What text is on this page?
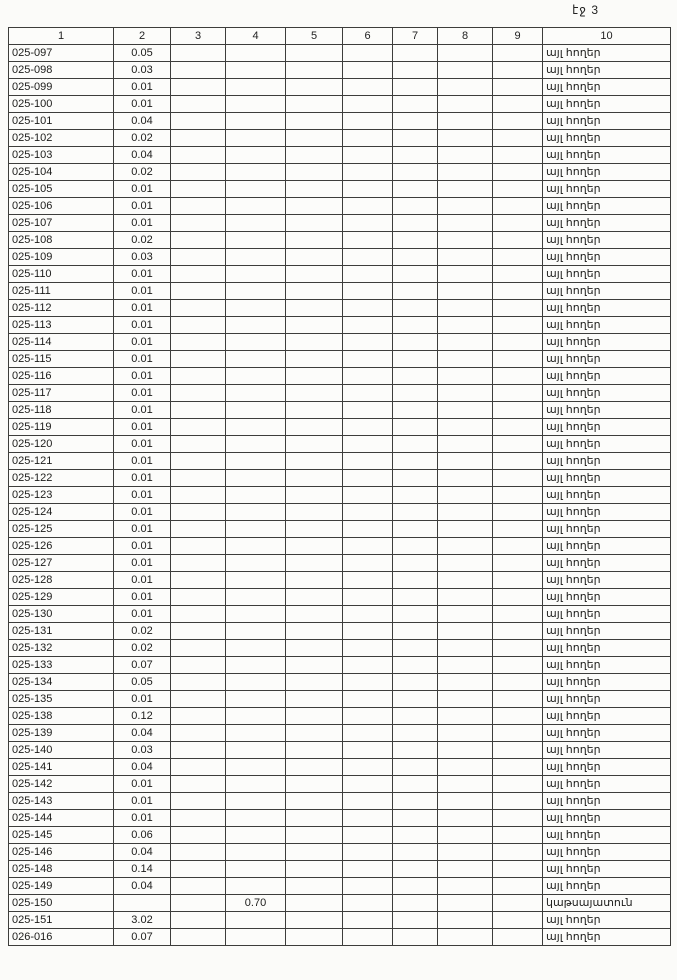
էջ 3
1	2	3	4	5	6	7	8	9	10
025-097	0.05								այլ հողեր
025-098	0.03								այլ հողեր
025-099	0.01								այլ հողեր
025-100	0.01								այլ հողեր
025-101	0.04								այլ հողեր
025-102	0.02								այլ հողեր
025-103	0.04								այլ հողեր
025-104	0.02								այլ հողեր
025-105	0.01								այլ հողեր
025-106	0.01								այլ հողեր
025-107	0.01								այլ հողեր
025-108	0.02								այլ հողեր
025-109	0.03								այլ հողեր
025-110	0.01								այլ հողեր
025-111	0.01								այլ հողեր
025-112	0.01								այլ հողեր
025-113	0.01								այլ հողեր
025-114	0.01								այլ հողեր
025-115	0.01								այլ հողեր
025-116	0.01								այլ հողեր
025-117	0.01								այլ հողեր
025-118	0.01								այլ հողեր
025-119	0.01								այլ հողեր
025-120	0.01								այլ հողեր
025-121	0.01								այլ հողեր
025-122	0.01								այլ հողեր
025-123	0.01								այլ հողեր
025-124	0.01								այլ հողեր
025-125	0.01								այլ հողեր
025-126	0.01								այլ հողեր
025-127	0.01								այլ հողեր
025-128	0.01								այլ հողեր
025-129	0.01								այլ հողեր
025-130	0.01								այլ հողեր
025-131	0.02								այլ հողեր
025-132	0.02								այլ հողեր
025-133	0.07								այլ հողեր
025-134	0.05								այլ հողեր
025-135	0.01								այլ հողեր
025-138	0.12								այլ հողեր
025-139	0.04								այլ հողեր
025-140	0.03								այլ հողեր
025-141	0.04								այլ հողեր
025-142	0.01								այլ հողեր
025-143	0.01								այլ հողեր
025-144	0.01								այլ հողեր
025-145	0.06								այլ հողեր
025-146	0.04								այլ հողեր
025-148	0.14								այլ հողեր
025-149	0.04								այլ հողեր
025-150			0.70						կաթսայատուն
025-151	3.02								այլ հողեր
026-016	0.07								այլ հողեր
